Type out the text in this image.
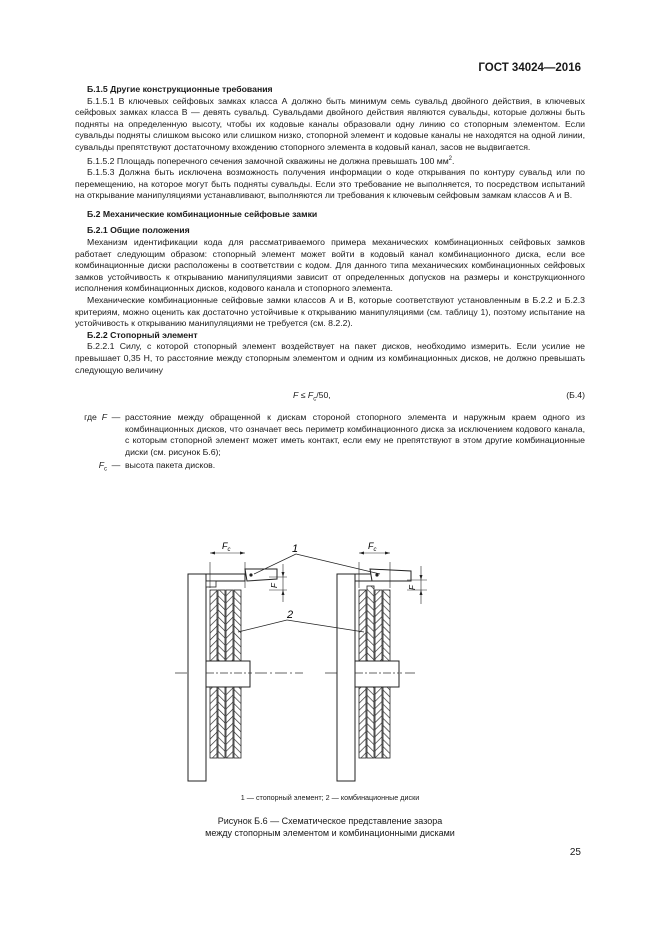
ГОСТ 34024—2016

Б.1.5 Другие конструкционные требования

Б.1.5.1 В ключевых сейфовых замках класса А должно быть минимум семь сувальд двойного действия, в ключевых сейфовых замках класса В — девять сувальд. Сувальдами двойного действия являются сувальды, которые должны быть подняты на определенную высоту, чтобы их кодовые каналы образовали одну линию со стопорным элементом. Если сувальды подняты слишком высоко или слишком низко, стопорной элемент и кодовые каналы не находятся на одной линии, сувальды препятствуют достаточному вхождению стопорного элемента в кодовый канал, засов не выдвигается.

Б.1.5.2 Площадь поперечного сечения замочной скважины не должна превышать 100 $мм^2$.

Б.1.5.3 Должна быть исключена возможность получения информации о коде открывания по контуру сувальд или по перемещению, на которое могут быть подняты сувальды. Если это требование не выполняется, то посредством испытаний на открывание манипуляциями устанавливают, выполняются ли требования к ключевым сейфовым замкам классов А и В.

Б.2 Механические комбинационные сейфовые замки

Б.2.1 Общие положения

Механизм идентификации кода для рассматриваемого примера механических комбинационных сейфовых замков работает следующим образом: стопорный элемент может войти в кодовый канал комбинационного диска, если все комбинационные диски расположены в соответствии с кодом. Для данного типа механических комбинационных сейфовых замков устойчивость к открыванию манипуляциями зависит от определенных допусков на размеры и конструкционного исполнения комбинационных дисков, кодового канала и стопорного элемента.

Механические комбинационные сейфовые замки классов А и В, которые соответствуют установленным в Б.2.2 и Б.2.3 критериям, можно оценить как достаточно устойчивые к открыванию манипуляциями (см. таблицу 1), поэтому испытание на устойчивость к открыванию манипуляциями не требуется (см. 8.2.2).

Б.2.2 Стопорный элемент

Б.2.2.1 Силу, с которой стопорный элемент воздействует на пакет дисков, необходимо измерить. Если усилие не превышает 0,35 Н, то расстояние между стопорным элементом и одним из комбинационных дисков, не должно превышать следующую величину

$F \le F_c/50$,	(Б.4)
где F — расстояние между обращенной к дискам стороной стопорного элемента и наружным краем одного из комбинационных дисков, что означает весь периметр комбинационного диска за исключением кодового канала, с которым стопорной элемент может иметь контакт, если ему не препятствуют в этом другие комбинационные диски (см. рисунок Б.6);
$F_c$ — высота пакета дисков.
$F_c$	$F_c$
F	F
1
2
1 — стопорный элемент; 2 — комбинационные диски
Рисунок Б.6 — Схематическое представление зазора
между стопорным элементом и комбинационными дисками
25
